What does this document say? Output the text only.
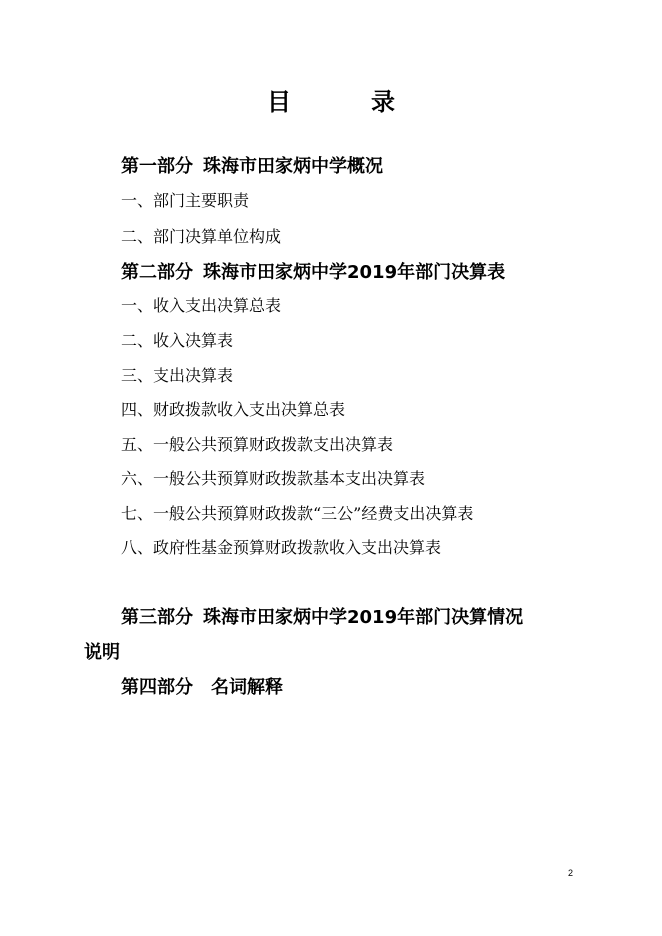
目	录
第一部分 珠海市田家炳中学概况
一、部门主要职责
二、部门决算单位构成
第二部分 珠海市田家炳中学2019年部门决算表
一、收入支出决算总表
二、收入决算表
三、支出决算表
四、财政拨款收入支出决算总表
五、一般公共预算财政拨款支出决算表
六、一般公共预算财政拨款基本支出决算表
七、一般公共预算财政拨款“三公”经费支出决算表
八、政府性基金预算财政拨款收入支出决算表
第三部分 珠海市田家炳中学2019年部门决算情况
说明
第四部分 名词解释
2
